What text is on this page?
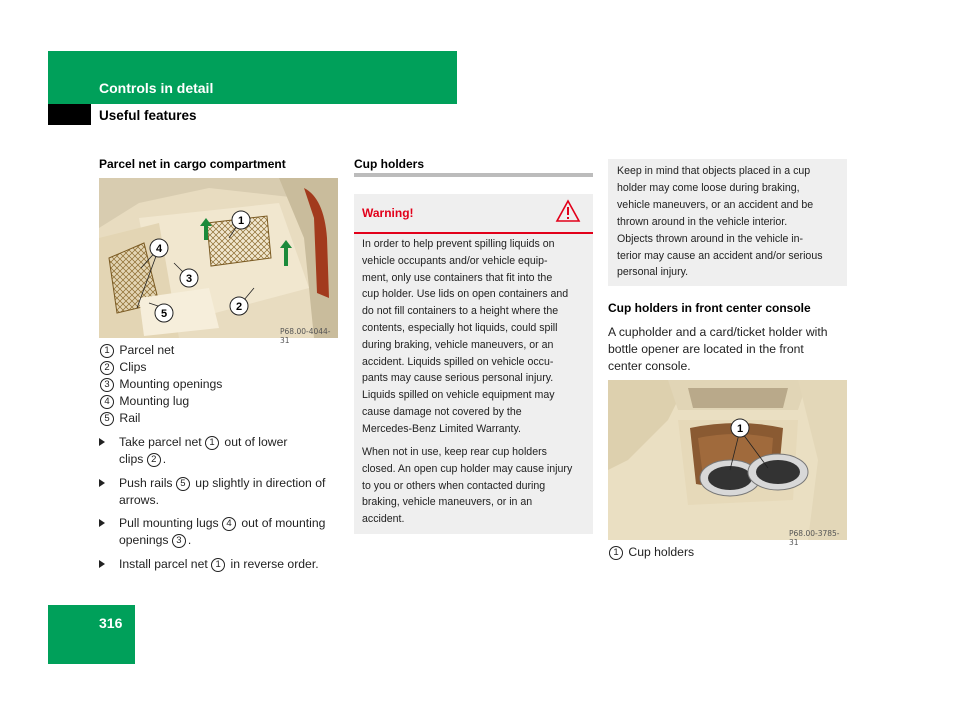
Controls in detail
Useful features
Parcel net in cargo compartment
1
2
3
4
5
P68.00-4044-31
1 Parcel net
2 Clips
3 Mounting openings
4 Mounting lug
5 Rail
Take parcel net 1 out of lower
clips 2 .
Push rails 5 up slightly in direction of
arrows.
Pull mounting lugs 4 out of mounting
openings 3 .
Install parcel net 1 in reverse order.
Cup holders
Warning!
In order to help prevent spilling liquids on
vehicle occupants and/or vehicle equip-
ment, only use containers that fit into the
cup holder. Use lids on open containers and
do not fill containers to a height where the
contents, especially hot liquids, could spill
during braking, vehicle maneuvers, or an
accident. Liquids spilled on vehicle occu-
pants may cause serious personal injury.
Liquids spilled on vehicle equipment may
cause damage not covered by the
Mercedes-Benz Limited Warranty.
When not in use, keep rear cup holders
closed. An open cup holder may cause injury
to you or others when contacted during
braking, vehicle maneuvers, or in an
accident.
Keep in mind that objects placed in a cup
holder may come loose during braking,
vehicle maneuvers, or an accident and be
thrown around in the vehicle interior.
Objects thrown around in the vehicle in-
terior may cause an accident and/or serious
personal injury.
Cup holders in front center console
A cupholder and a card/ticket holder with
bottle opener are located in the front
center console.
1
P68.00-3785-31
1 Cup holders
316
